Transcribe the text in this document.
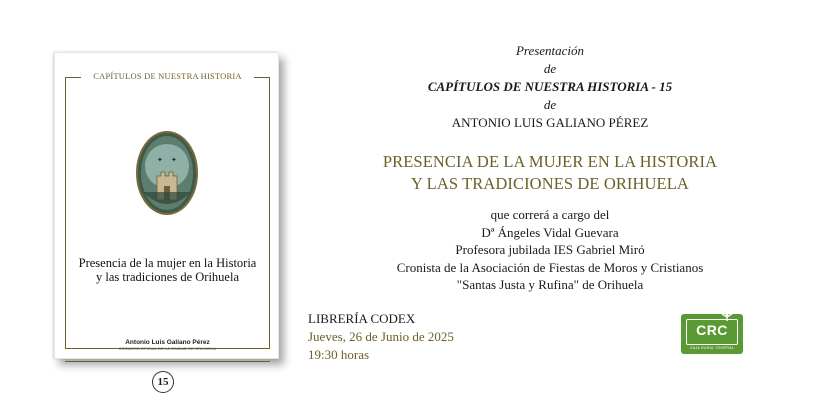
CAPÍTULOS DE NUESTRA HISTORIA
✦ ✦
Presencia de la mujer en la Historia y las tradiciones de Orihuela
Antonio Luis Galiano Pérez
CRONISTA OFICIAL DE LA CIUDAD DE ORIHUELA
15
Presentación
de
CAPÍTULOS DE NUESTRA HISTORIA - 15
de
ANTONIO LUIS GALIANO PÉREZ
PRESENCIA DE LA MUJER EN LA HISTORIA
Y LAS TRADICIONES DE ORIHUELA
que correrá a cargo del
Dª Ángeles Vidal Guevara
Profesora jubilada IES Gabriel Miró
Cronista de la Asociación de Fiestas de Moros y Cristianos
"Santas Justa y Rufina" de Orihuela
LIBRERÍA CODEX
Jueves, 26 de Junio de 2025
19:30 horas
CRC
CAJA RURAL CENTRAL
